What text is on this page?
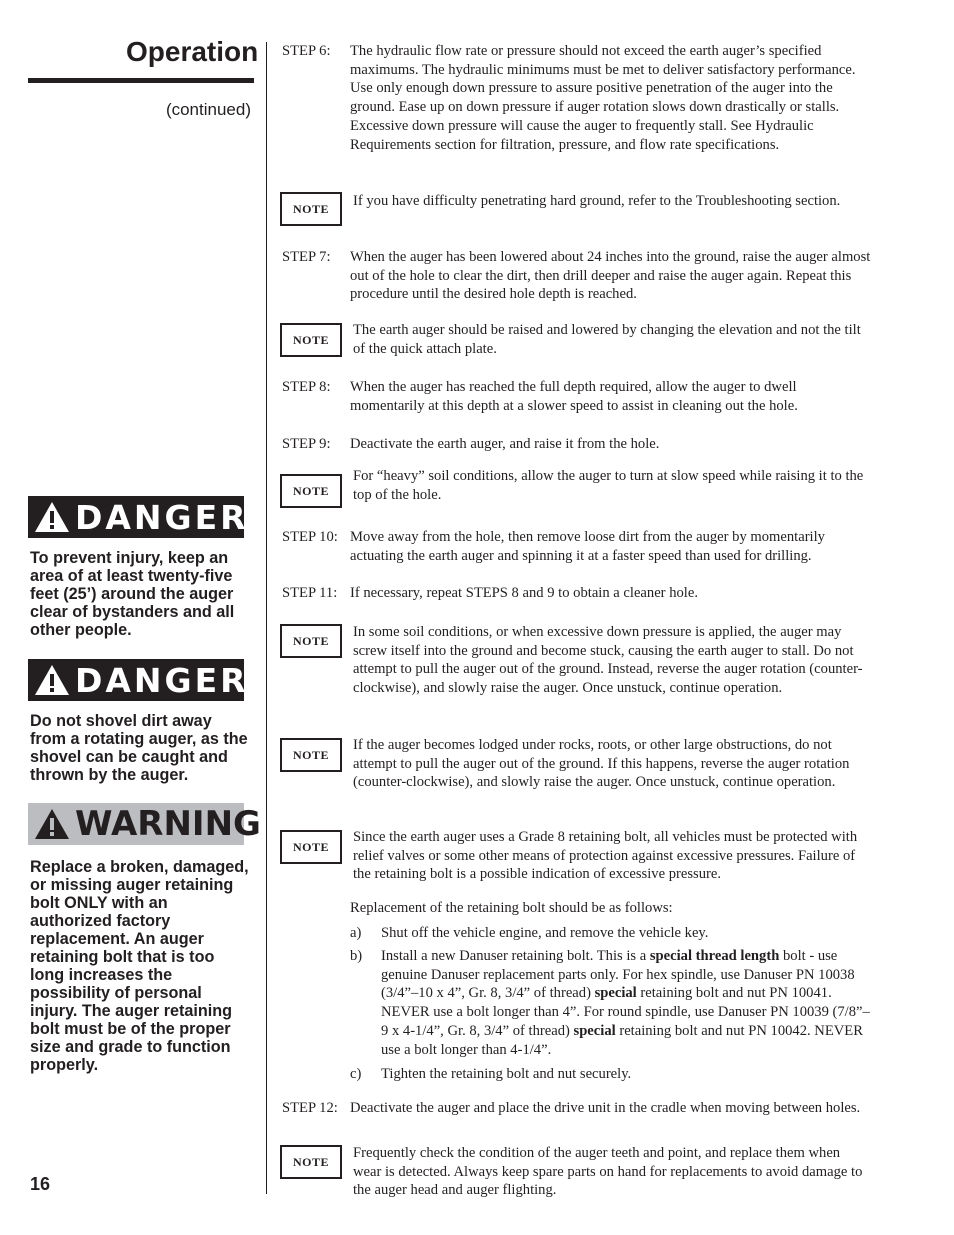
Operation
(continued)
DANGER
To prevent injury, keep an area of at least twenty-five feet (25’) around the auger clear of bystanders and all other people.
DANGER
Do not shovel dirt away from a rotating auger, as the shovel can be caught and thrown by the auger.
WARNING
Replace a broken, damaged, or missing auger retaining bolt ONLY with an authorized factory replacement. An auger retaining bolt that is too long increases the possibility of personal injury. The auger retaining bolt must be of the proper size and grade to function properly.
16
STEP 6: The hydraulic flow rate or pressure should not exceed the earth auger’s specified maximums. The hydraulic minimums must be met to deliver satisfactory performance. Use only enough down pressure to assure positive penetration of the auger into the ground. Ease up on down pressure if auger rotation slows down drastically or stalls. Excessive down pressure will cause the auger to frequently stall. See Hydraulic Requirements section for filtration, pressure, and flow rate specifications.
NOTE	If you have difficulty penetrating hard ground, refer to the Troubleshooting section.
STEP 7: When the auger has been lowered about 24 inches into the ground, raise the auger almost out of the hole to clear the dirt, then drill deeper and raise the auger again. Repeat this procedure until the desired hole depth is reached.
NOTE
The earth auger should be raised and lowered by changing the elevation and not the tilt of the quick attach plate.
STEP 8: When the auger has reached the full depth required, allow the auger to dwell momentarily at this depth at a slower speed to assist in cleaning out the hole.
STEP 9: Deactivate the earth auger, and raise it from the hole.
NOTE
For “heavy” soil conditions, allow the auger to turn at slow speed while raising it to the top of the hole.
STEP 10: Move away from the hole, then remove loose dirt from the auger by momentarily actuating the earth auger and spinning it at a faster speed than used for drilling.
STEP 11: If necessary, repeat STEPS 8 and 9 to obtain a cleaner hole.
NOTE
In some soil conditions, or when excessive down pressure is applied, the auger may screw itself into the ground and become stuck, causing the earth auger to stall. Do not attempt to pull the auger out of the ground. Instead, reverse the auger rotation (counter-clockwise), and slowly raise the auger. Once unstuck, continue operation.
NOTE
If the auger becomes lodged under rocks, roots, or other large obstructions, do not attempt to pull the auger out of the ground. If this happens, reverse the auger rotation (counter-clockwise), and slowly raise the auger. Once unstuck, continue operation.
NOTE
Since the earth auger uses a Grade 8 retaining bolt, all vehicles must be protected with relief valves or some other means of protection against excessive pressures. Failure of the retaining bolt is a possible indication of excessive pressure.
Replacement of the retaining bolt should be as follows:
a) Shut off the vehicle engine, and remove the vehicle key.
b) Install a new Danuser retaining bolt. This is a special thread length bolt - use genuine Danuser replacement parts only. For hex spindle, use Danuser PN 10038 (3/4”–10 x 4”, Gr. 8, 3/4” of thread) special retaining bolt and nut PN 10041. NEVER use a bolt longer than 4”. For round spindle, use Danuser PN 10039 (7/8”–9 x 4-1/4”, Gr. 8, 3/4” of thread) special retaining bolt and nut PN 10042. NEVER use a bolt longer than 4-1/4”.
c) Tighten the retaining bolt and nut securely.
STEP 12: Deactivate the auger and place the drive unit in the cradle when moving between holes.
NOTE
Frequently check the condition of the auger teeth and point, and replace them when wear is detected. Always keep spare parts on hand for replacements to avoid damage to the auger head and auger flighting.
